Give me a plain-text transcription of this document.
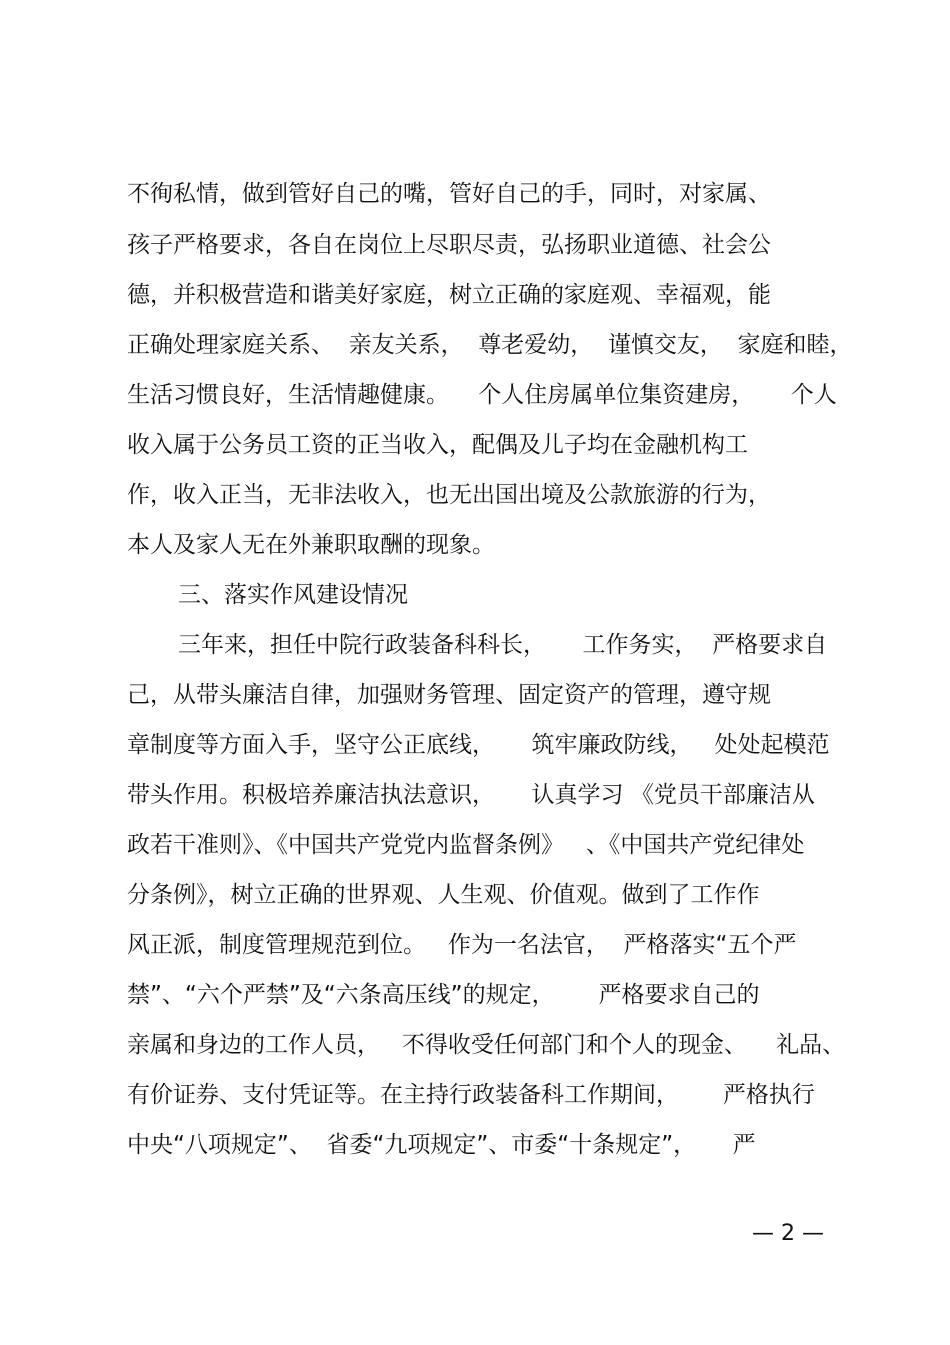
不徇私情，做到管好自己的嘴，管好自己的手，同时，对家属、
孩子严格要求，各自在岗位上尽职尽责，弘扬职业道德、社会公
德，并积极营造和谐美好家庭，树立正确的家庭观、幸福观，能
正确处理家庭关系、  亲友关系，  尊老爱幼，  谨慎交友，  家庭和睦，
生活习惯良好，生活情趣健康。    个人住房属单位集资建房，     个人
收入属于公务员工资的正当收入，配偶及儿子均在金融机构工
作，收入正当，无非法收入，也无出国出境及公款旅游的行为，
本人及家人无在外兼职取酬的现象。
三、落实作风建设情况
三年来，担任中院行政装备科科长，     工作务实，  严格要求自
己，从带头廉洁自律，加强财务管理、固定资产的管理，遵守规
章制度等方面入手，坚守公正底线，     筑牢廉政防线，   处处起模范
带头作用。积极培养廉洁执法意识，     认真学习 《党员干部廉洁从
政若干准则》、《中国共产党党内监督条例》   、《中国共产党纪律处
分条例》，树立正确的世界观、人生观、价值观。做到了工作作
风正派，制度管理规范到位。   作为一名法官，  严格落实“五个严
禁”、“六个严禁”及“六条高压线”的规定，      严格要求自己的
亲属和身边的工作人员，   不得收受任何部门和个人的现金、    礼品、
有价证券、支付凭证等。在主持行政装备科工作期间，      严格执行
中央“八项规定”、  省委“九项规定”、市委“十条规定”，     严
— 2 —
